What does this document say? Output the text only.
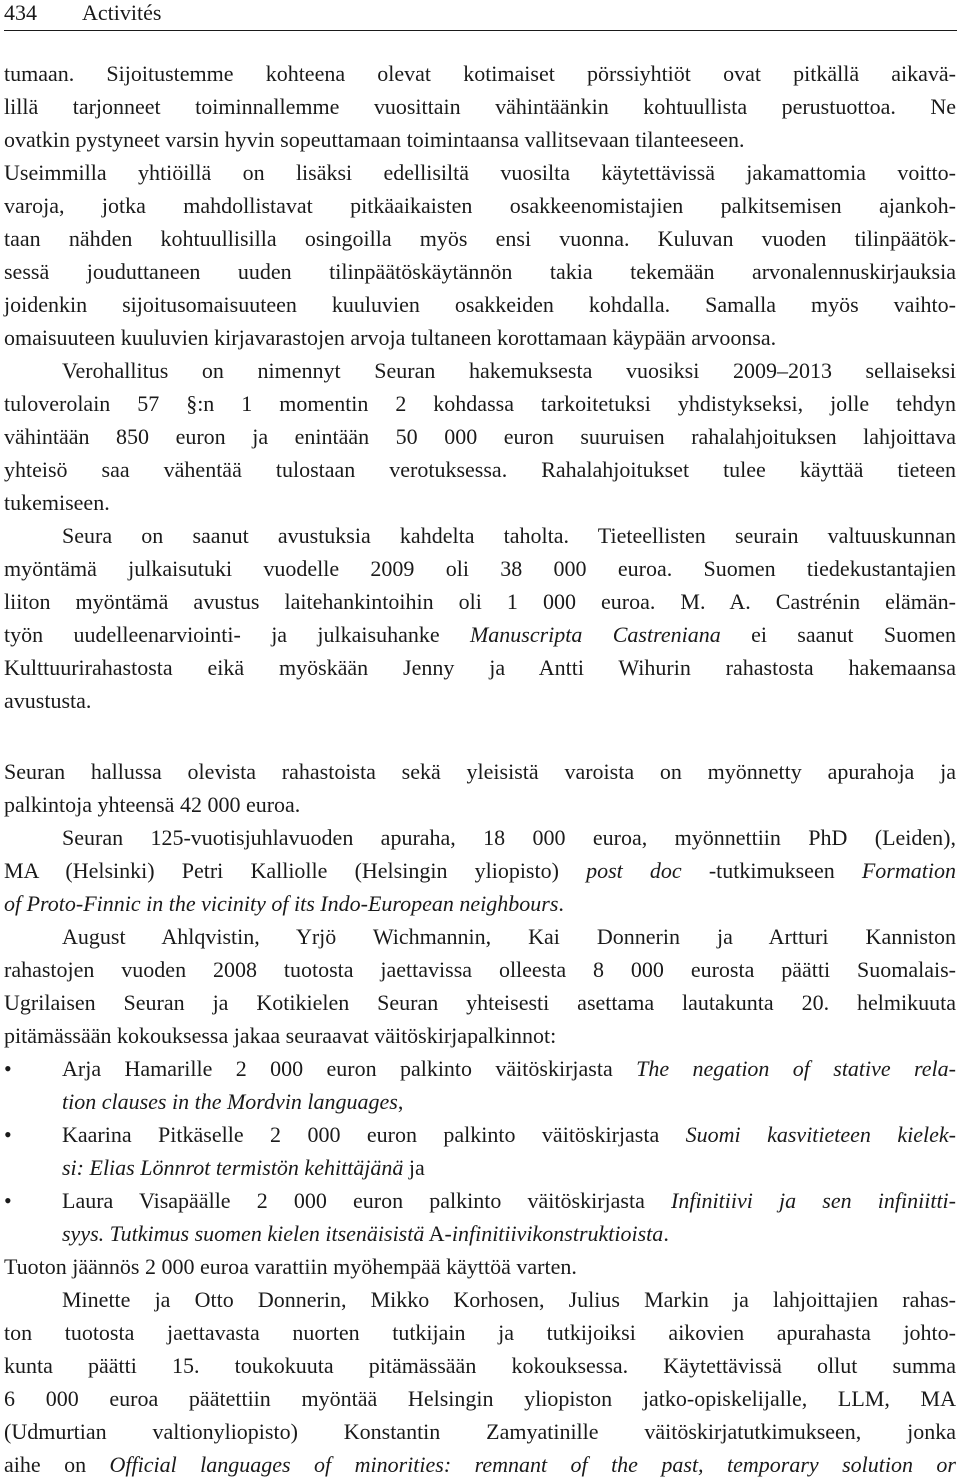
434 Activités
tumaan. Sijoitustemme kohteena olevat kotimaiset pörssiyhtiöt ovat pitkällä aikavä-
lillä tarjonneet toiminnallemme vuosittain vähintäänkin kohtuullista perustuottoa. Ne
ovatkin pystyneet varsin hyvin sopeuttamaan toimintaansa vallitsevaan tilanteeseen.
Useimmilla yhtiöillä on lisäksi edellisiltä vuosilta käytettävissä jakamattomia voitto-
varoja, jotka mahdollistavat pitkäaikaisten osakkeenomistajien palkitsemisen ajankoh-
taan nähden kohtuullisilla osingoilla myös ensi vuonna. Kuluvan vuoden tilinpäätök-
sessä jouduttaneen uuden tilinpäätöskäytännön takia tekemään arvonalennuskirjauksia
joidenkin sijoitusomaisuuteen kuuluvien osakkeiden kohdalla. Samalla myös vaihto-
omaisuuteen kuuluvien kirjavarastojen arvoja tultaneen korottamaan käypään arvoonsa.
Verohallitus on nimennyt Seuran hakemuksesta vuosiksi 2009–2013 sellaiseksi
tuloverolain 57 §:n 1 momentin 2 kohdassa tarkoitetuksi yhdistykseksi, jolle tehdyn
vähintään 850 euron ja enintään 50 000 euron suuruisen rahalahjoituksen lahjoittava
yhteisö saa vähentää tulostaan verotuksessa. Rahalahjoitukset tulee käyttää tieteen
tukemiseen.
Seura on saanut avustuksia kahdelta taholta. Tieteellisten seurain valtuuskunnan
myöntämä julkaisutuki vuodelle 2009 oli 38 000 euroa. Suomen tiedekustantajien
liiton myöntämä avustus laitehankintoihin oli 1 000 euroa. M. A. Castrénin elämän-
työn uudelleenarviointi- ja julkaisuhanke Manuscripta Castreniana ei saanut Suomen
Kulttuurirahastosta eikä myöskään Jenny ja Antti Wihurin rahastosta hakemaansa
avustusta.
Seuran hallussa olevista rahastoista sekä yleisistä varoista on myönnetty apurahoja ja
palkintoja yhteensä 42 000 euroa.
Seuran 125-vuotisjuhlavuoden apuraha, 18 000 euroa, myönnettiin PhD (Leiden),
MA (Helsinki) Petri Kalliolle (Helsingin yliopisto) post doc -tutkimukseen Formation
of Proto-Finnic in the vicinity of its Indo-European neighbours.
August Ahlqvistin, Yrjö Wichmannin, Kai Donnerin ja Artturi Kanniston
rahastojen vuoden 2008 tuotosta jaettavissa olleesta 8 000 eurosta päätti Suomalais-
Ugrilaisen Seuran ja Kotikielen Seuran yhteisesti asettama lautakunta 20. helmikuuta
pitämässään kokouksessa jakaa seuraavat väitöskirjapalkinnot:
•	Arja Hamarille 2 000 euron palkinto väitöskirjasta The negation of stative rela-
tion clauses in the Mordvin languages,
•	Kaarina Pitkäselle 2 000 euron palkinto väitöskirjasta Suomi kasvitieteen kielek-
si: Elias Lönnrot termistön kehittäjänä ja
•	Laura Visapäälle 2 000 euron palkinto väitöskirjasta Infinitiivi ja sen infiniitti-
syys. Tutkimus suomen kielen itsenäisistä A-infinitiivikonstruktioista.
Tuoton jäännös 2 000 euroa varattiin myöhempää käyttöä varten.
Minette ja Otto Donnerin, Mikko Korhosen, Julius Markin ja lahjoittajien rahas-
ton tuotosta jaettavasta nuorten tutkijain ja tutkijoiksi aikovien apurahasta johto-
kunta päätti 15. toukokuuta pitämässään kokouksessa. Käytettävissä ollut summa
6 000 euroa päätettiin myöntää Helsingin yliopiston jatko-opiskelijalle, LLM, MA
(Udmurtian valtionyliopisto) Konstantin Zamyatinille väitöskirjatutkimukseen, jonka
aihe on Official languages of minorities: remnant of the past, temporary solution or
